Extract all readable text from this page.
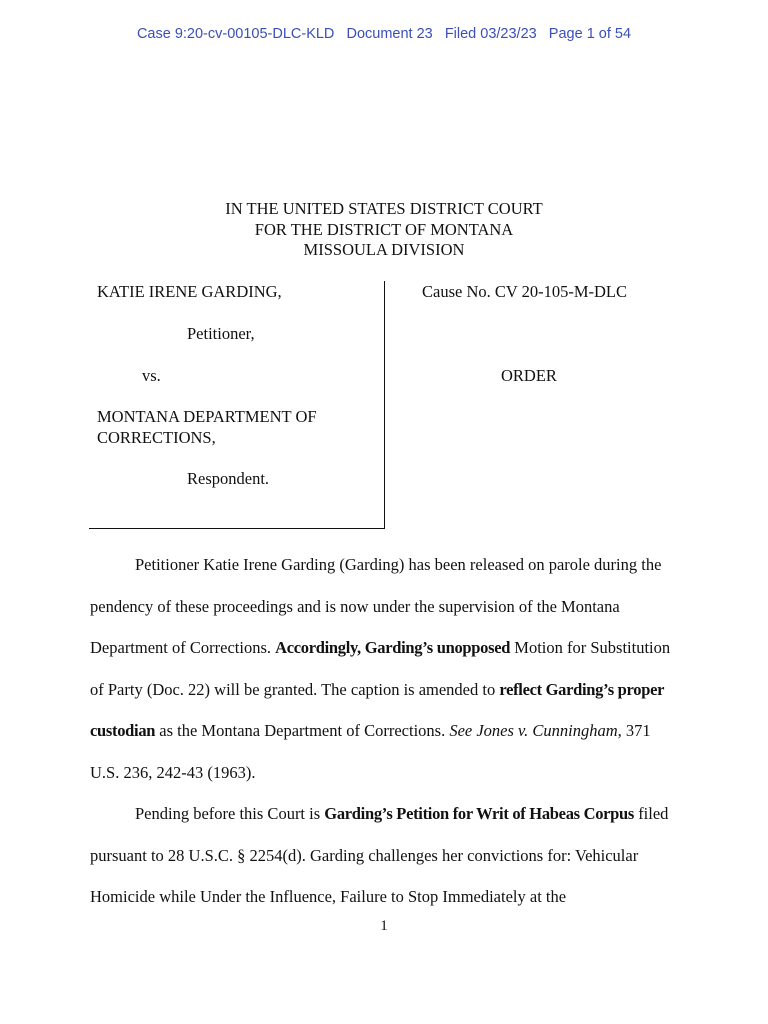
Case 9:20-cv-00105-DLC-KLD   Document 23   Filed 03/23/23   Page 1 of 54
IN THE UNITED STATES DISTRICT COURT
FOR THE DISTRICT OF MONTANA
MISSOULA DIVISION
KATIE IRENE GARDING,
Petitioner,
vs.
MONTANA DEPARTMENT OF
CORRECTIONS,
Respondent.
Cause No. CV 20-105-M-DLC
ORDER

Petitioner Katie Irene Garding (Garding) has been released on parole during the pendency of these proceedings and is now under the supervision of the Montana Department of Corrections. Accordingly, Garding’s unopposed Motion for Substitution of Party (Doc. 22) will be granted. The caption is amended to reflect Garding’s proper custodian as the Montana Department of Corrections. See Jones v. Cunningham, 371 U.S. 236, 242-43 (1963).

Pending before this Court is Garding’s Petition for Writ of Habeas Corpus filed pursuant to 28 U.S.C. § 2254(d). Garding challenges her convictions for: Vehicular Homicide while Under the Influence, Failure to Stop Immediately at the

1
